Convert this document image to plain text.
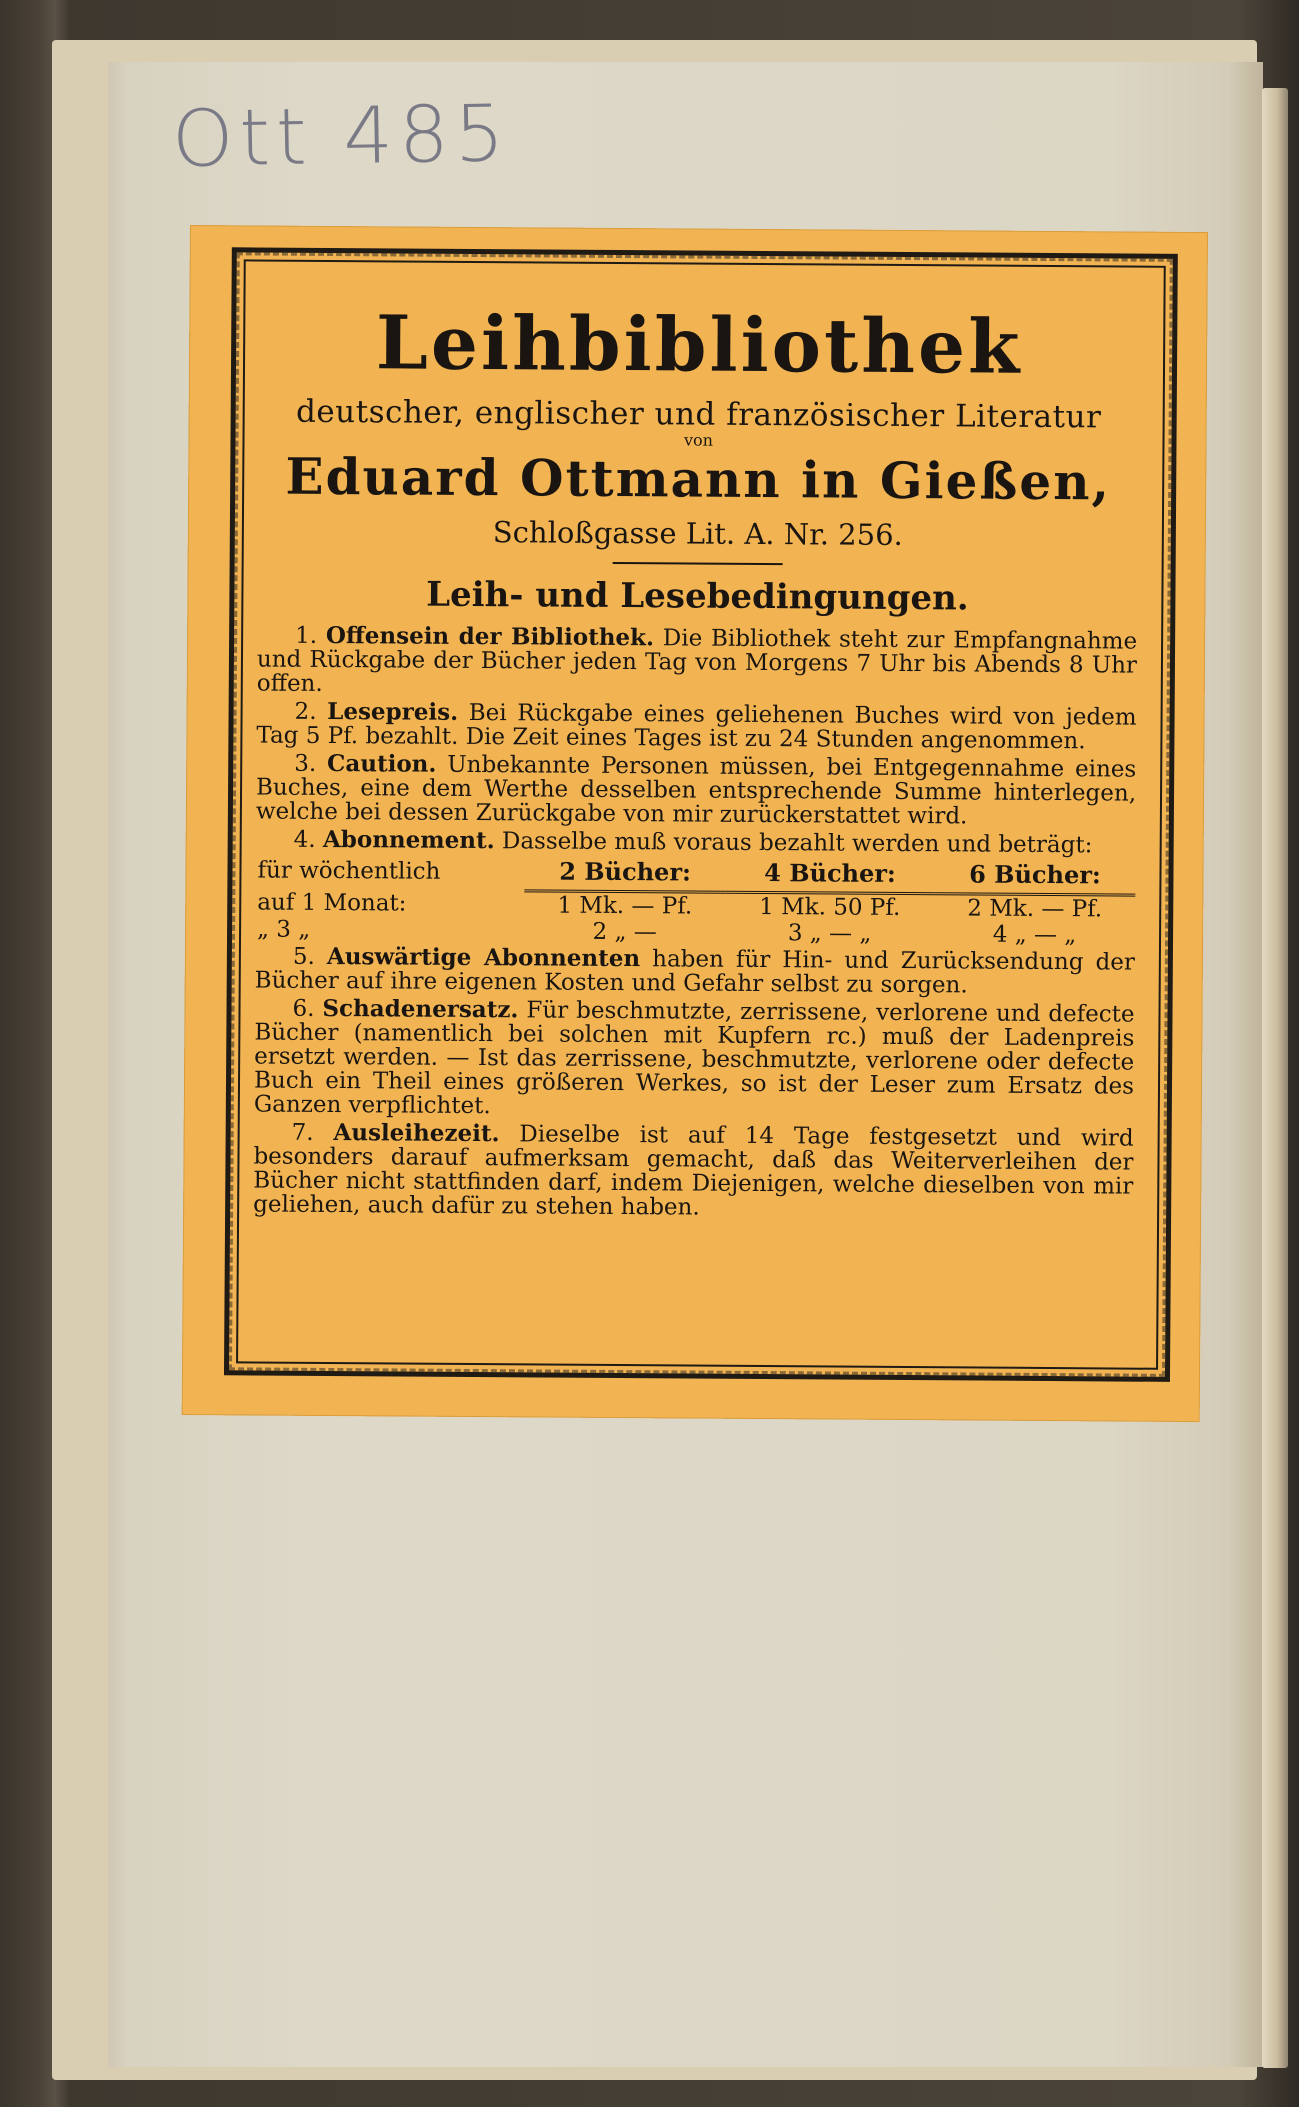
Ott 485
Leihbibliothek
deutscher, englischer und französischer Literatur
von
Eduard Ottmann in Gießen,
Schloßgasse Lit. A. Nr. 256.
Leih- und Lesebedingungen.

1. Offensein der Bibliothek. Die Bibliothek steht zur Empfangnahme und Rückgabe der Bücher jeden Tag von Morgens 7 Uhr bis Abends 8 Uhr offen.

2. Lesepreis. Bei Rückgabe eines geliehenen Buches wird von jedem Tag 5 Pf. bezahlt. Die Zeit eines Tages ist zu 24 Stunden angenommen.

3. Caution. Unbekannte Personen müssen, bei Entgegennahme eines Buches, eine dem Werthe desselben entsprechende Summe hinterlegen, welche bei dessen Zurückgabe von mir zurückerstattet wird.

4. Abonnement. Dasselbe muß voraus bezahlt werden und beträgt:

für wöchentlich	2 Bücher:	4 Bücher:	6 Bücher:
auf 1 Monat:	1 Mk. — Pf.	1 Mk. 50 Pf.	2 Mk. — Pf.
„ 3 „	2 „ —	3 „ — „	4 „ — „

5. Auswärtige Abonnenten haben für Hin- und Zurücksendung der Bücher auf ihre eigenen Kosten und Gefahr selbst zu sorgen.

6. Schadenersatz. Für beschmutzte, zerrissene, verlorene und defecte Bücher (namentlich bei solchen mit Kupfern rc.) muß der Ladenpreis ersetzt werden. — Ist das zerrissene, beschmutzte, verlorene oder defecte Buch ein Theil eines größeren Werkes, so ist der Leser zum Ersatz des Ganzen verpflichtet.

7. Ausleihezeit. Dieselbe ist auf 14 Tage festgesetzt und wird besonders darauf aufmerksam gemacht, daß das Weiterverleihen der Bücher nicht stattfinden darf, indem Diejenigen, welche dieselben von mir geliehen, auch dafür zu stehen haben.
